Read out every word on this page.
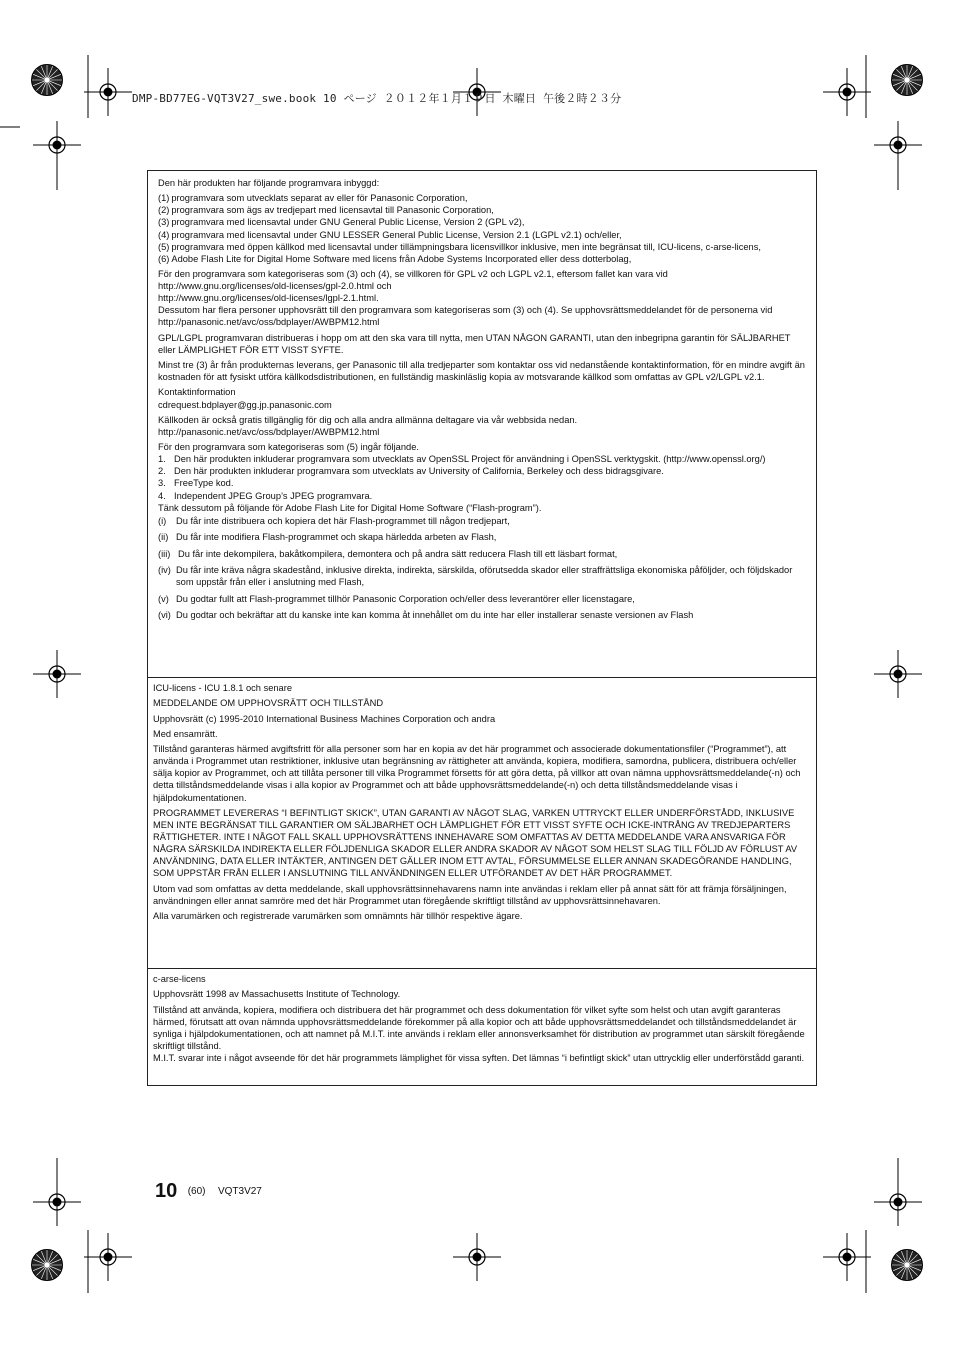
DMP-BD77EG-VQT3V27_swe.book 10 ページ ２０１２年１月１９日 木曜日 午後２時２３分

Den här produkten har följande programvara inbyggd:

(1) programvara som utvecklats separat av eller för Panasonic Corporation,
(2) programvara som ägs av tredjepart med licensavtal till Panasonic Corporation,
(3) programvara med licensavtal under GNU General Public License, Version 2 (GPL v2),
(4) programvara med licensavtal under GNU LESSER General Public License, Version 2.1 (LGPL v2.1) och/eller,
(5) programvara med öppen källkod med licensavtal under tillämpningsbara licensvillkor inklusive, men inte begränsat till, ICU-licens, c-arse-licens,
(6) Adobe Flash Lite for Digital Home Software med licens från Adobe Systems Incorporated eller dess dotterbolag,

För den programvara som kategoriseras som (3) och (4), se villkoren för GPL v2 och LGPL v2.1, eftersom fallet kan vara vid
http://www.gnu.org/licenses/old-licenses/gpl-2.0.html och
http://www.gnu.org/licenses/old-licenses/lgpl-2.1.html.
Dessutom har flera personer upphovsrätt till den programvara som kategoriseras som (3) och (4). Se upphovsrättsmeddelandet för de personerna vid
http://panasonic.net/avc/oss/bdplayer/AWBPM12.html

GPL/LGPL programvaran distribueras i hopp om att den ska vara till nytta, men UTAN NÅGON GARANTI, utan den inbegripna garantin för SÄLJBARHET eller LÄMPLIGHET FÖR ETT VISST SYFTE.

Minst tre (3) år från produkternas leverans, ger Panasonic till alla tredjeparter som kontaktar oss vid nedanstående kontaktinformation, för en mindre avgift än kostnaden för att fysiskt utföra källkodsdistributionen, en fullständig maskinläslig kopia av motsvarande källkod som omfattas av GPL v2/LGPL v2.1.

Kontaktinformation
cdrequest.bdplayer@gg.jp.panasonic.com

Källkoden är också gratis tillgänglig för dig och alla andra allmänna deltagare via vår webbsida nedan.
http://panasonic.net/avc/oss/bdplayer/AWBPM12.html

För den programvara som kategoriseras som (5) ingår följande.

1. Den här produkten inkluderar programvara som utvecklats av OpenSSL Project för användning i OpenSSL verktygskit. (http://www.openssl.org/)
2. Den här produkten inkluderar programvara som utvecklats av University of California, Berkeley och dess bidragsgivare.
3. FreeType kod.
4. Independent JPEG Group’s JPEG programvara.

Tänk dessutom på följande för Adobe Flash Lite for Digital Home Software (“Flash-program”).

(i)	Du får inte distribuera och kopiera det här Flash-programmet till någon tredjepart,
(ii) Du får inte modifiera Flash-programmet och skapa härledda arbeten av Flash,
(iii) Du får inte dekompilera, bakåtkompilera, demontera och på andra sätt reducera Flash till ett läsbart format,
(iv) Du får inte kräva några skadestånd, inklusive direkta, indirekta, särskilda, oförutsedda skador eller straffrättsliga ekonomiska påföljder, och följdskador som uppstår från eller i anslutning med Flash,
(v) Du godtar fullt att Flash-programmet tillhör Panasonic Corporation och/eller dess leverantörer eller licenstagare,
(vi) Du godtar och bekräftar att du kanske inte kan komma åt innehållet om du inte har eller installerar senaste versionen av Flash

ICU-licens - ICU 1.8.1 och senare

MEDDELANDE OM UPPHOVSRÄTT OCH TILLSTÅND

Upphovsrätt (c) 1995-2010 International Business Machines Corporation och andra

Med ensamrätt.

Tillstånd garanteras härmed avgiftsfritt för alla personer som har en kopia av det här programmet och associerade dokumentationsfiler (“Programmet”), att använda i Programmet utan restriktioner, inklusive utan begränsning av rättigheter att använda, kopiera, modifiera, samordna, publicera, distribuera och/eller sälja kopior av Programmet, och att tillåta personer till vilka Programmet försetts för att göra detta, på villkor att ovan nämna upphovsrättsmeddelande(-n) och detta tillståndsmeddelande visas i alla kopior av Programmet och att både upphovsrättsmeddelande(-n) och detta tillståndsmeddelande visas i hjälpdokumentationen.

PROGRAMMET LEVERERAS “I BEFINTLIGT SKICK”, UTAN GARANTI AV NÅGOT SLAG, VARKEN UTTRYCKT ELLER UNDERFÖRSTÅDD, INKLUSIVE MEN INTE BEGRÄNSAT TILL GARANTIER OM SÄLJBARHET OCH LÄMPLIGHET FÖR ETT VISST SYFTE OCH ICKE-INTRÅNG AV TREDJEPARTERS RÄTTIGHETER. INTE I NÅGOT FALL SKALL UPPHOVSRÄTTENS INNEHAVARE SOM OMFATTAS AV DETTA MEDDELANDE VARA ANSVARIGA FÖR NÅGRA SÄRSKILDA INDIREKTA ELLER FÖLJDENLIGA SKADOR ELLER ANDRA SKADOR AV NÅGOT SOM HELST SLAG TILL FÖLJD AV FÖRLUST AV ANVÄNDNING, DATA ELLER INTÄKTER, ANTINGEN DET GÄLLER INOM ETT AVTAL, FÖRSUMMELSE ELLER ANNAN SKADEGÖRANDE HANDLING, SOM UPPSTÅR FRÅN ELLER I ANSLUTNING TILL ANVÄNDNINGEN ELLER UTFÖRANDET AV DET HÄR PROGRAMMET.

Utom vad som omfattas av detta meddelande, skall upphovsrättsinnehavarens namn inte användas i reklam eller på annat sätt för att främja försäljningen, användningen eller annat samröre med det här Programmet utan föregående skriftligt tillstånd av upphovsrättsinnehavaren.

Alla varumärken och registrerade varumärken som omnämnts här tillhör respektive ägare.

c-arse-licens

Upphovsrätt 1998 av Massachusetts Institute of Technology.

Tillstånd att använda, kopiera, modifiera och distribuera det här programmet och dess dokumentation för vilket syfte som helst och utan avgift garanteras härmed, förutsatt att ovan nämnda upphovsrättsmeddelande förekommer på alla kopior och att både upphovsrättsmeddelandet och tillståndsmeddelandet är synliga i hjälpdokumentationen, och att namnet på M.I.T. inte används i reklam eller annonsverksamhet för distribution av programmet utan särskilt föregående skriftligt tillstånd.
M.I.T. svarar inte i något avseende för det här programmets lämplighet för vissa syften. Det lämnas “i befintligt skick” utan uttrycklig eller underförstådd garanti.

10 (60) VQT3V27
